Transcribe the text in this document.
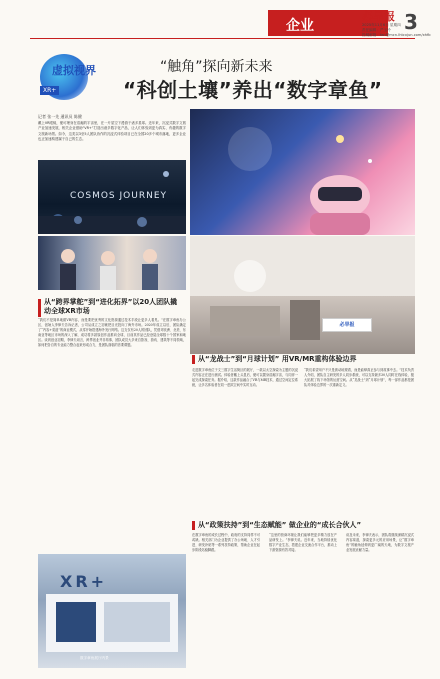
企业
必旱报
2025年11月6日 星期四
责任编辑：严玉玲
投稿邮箱：fan@mcn.lhtcxjun.com/xhfb
3
虚拟视界
XR+
“触角”探向新未来
“科创土壤”养出“数字章鱼”
记者 张一先 通讯员 陈健
戴上VR眼镜，便可埋身在浩瀚的宇宙里，在一片星空下漫游于诸多星球。近年来，沉浸式数字文旅产业加速发展，相关企业借助“VR+”打造出诸多数字化产品，让人们体验到更为真实、有趣的数字文旅新场景。如今，这类以3至5人团队协作的沉浸式体验项目已在全国20多个城市落地，更多企业也正加速构建属于自己的生态。
COSMOS JOURNEY
必旱报
从“跨界掌舵”到“进化拓界”以20人团队撬动全球XR市场
“我们不是简单地做VR内容，而是要把优秀的文化资源通过技术手段让更多人看见。”在数字章鱼办公区，创始人李律夫告诉记者，公司从成立之初就把目光投向了海外市场。2020年成立以后，团队确定了“内容+渠道”的商业模式，从零开始搭建海外发行网络。这支仅有20人的团队，凭借对欧洲、北美、东南亚等地区市场的深入了解，成功将多款原创作品推向全球，目前其作品已经登陆全球数十个国家和地区。谈到创业初期，李律夫坦言，跨界创业并非易事，团队成员大多来自影视、游戏、建筑等不同领域，如何把各自的专业能力整合起来形成合力，是团队面临的首要课题。
从“龙战士”到“月球计划” 用VR/MR重构体验边界
走进数字章鱼位于文三数字生活街区的展厅，一款以太空探索为主题的沉浸式内容正在进行测试。体验者戴上头显后，便可以置身浩瀚宇宙，与同伴一起完成探索任务。据介绍，这款作品融合了VR与MR技术，通过空间定位系统，让多名体验者在同一虚拟空间中实时互动。
“我们希望用户不只是被动地观看，而是能够真正参与到故事中去。”技术负责人介绍，团队自主研发的多人同步系统，可以支持最多30人同时在线体验，极大拓展了线下场馆的运营空间。从“龙战士”到“月球计划”，每一部作品都是团队对体验边界的一次重新定义。
XR+
数字章鱼展厅内景
从“政策扶持”到“生态赋能” 做企业的“成长合伙人”
在数字章鱼的成长过程中，政府的支持同样不可或缺。相关部门为企业提供了办公场地、人才引进、研发补贴等一系列扶持政策，帮助企业在起步阶段站稳脚跟。
“这里的营商环境让我们能够把更多精力放在产品研发上。”李律夫说。近年来，当地持续优化数字产业生态，搭建企业交流合作平台，推动上下游资源有效对接。
谈及未来，李律夫表示，团队将继续深耕沉浸式内容赛道，探索更多元的应用场景，让“数字章鱼”的触角延伸到更广阔的天地，为数字文旅产业发展贡献力量。
